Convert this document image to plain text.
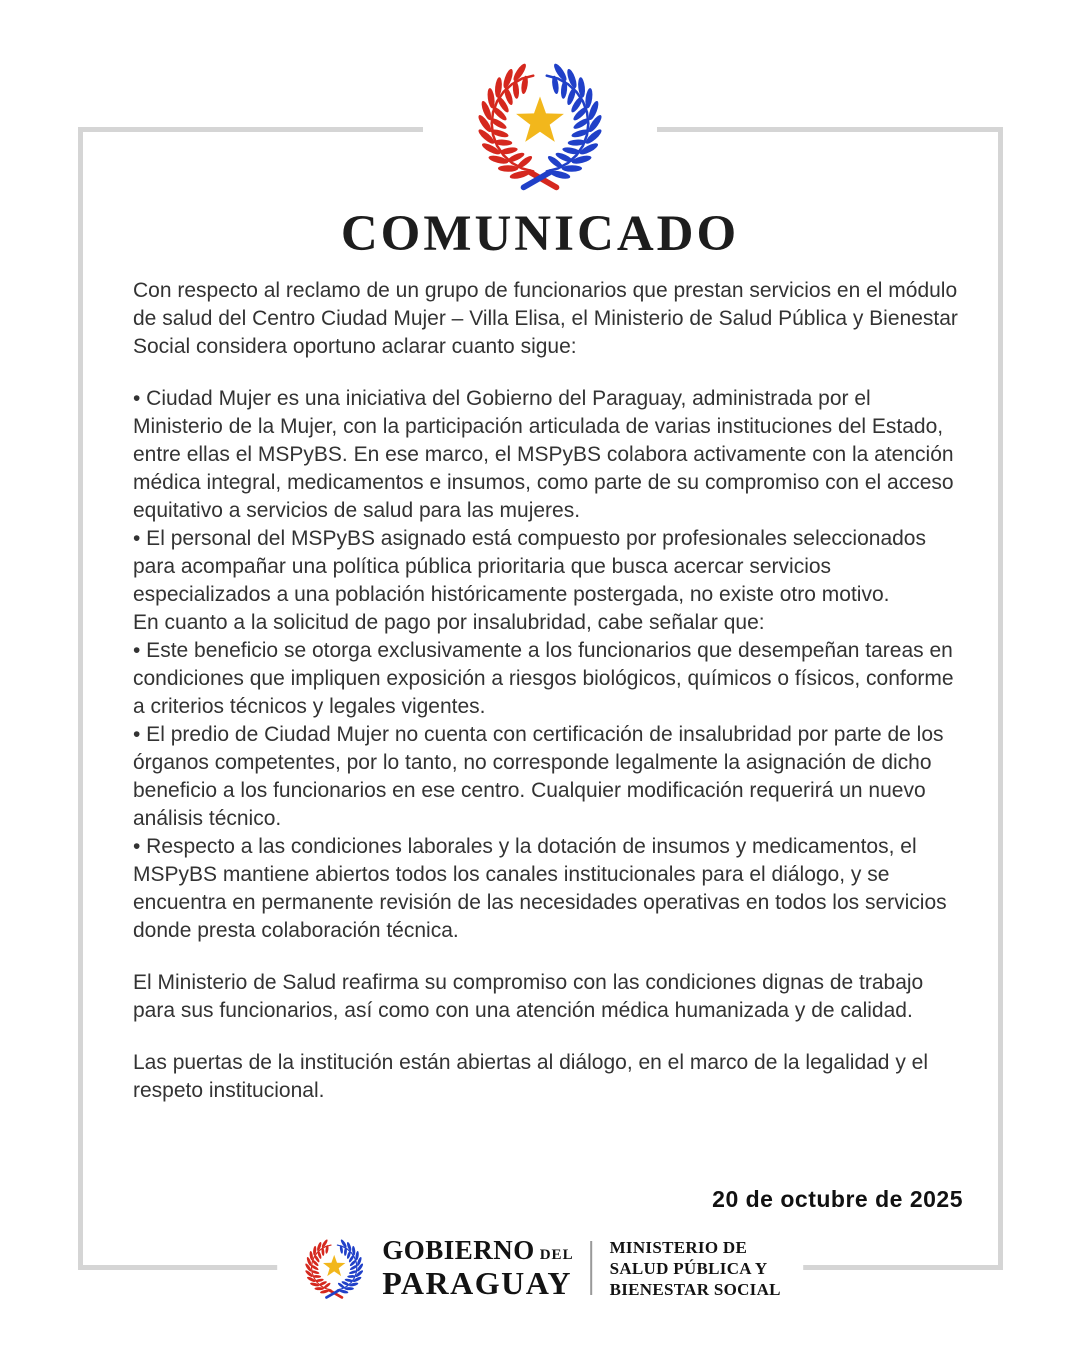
COMUNICADO

Con respecto al reclamo de un grupo de funcionarios que prestan servicios en el módulo de salud del Centro Ciudad Mujer – Villa Elisa, el Ministerio de Salud Pública y Bienestar Social considera oportuno aclarar cuanto sigue:

• Ciudad Mujer es una iniciativa del Gobierno del Paraguay, administrada por el Ministerio de la Mujer, con la participación articulada de varias instituciones del Estado, entre ellas el MSPyBS. En ese marco, el MSPyBS colabora activamente con la atención médica integral, medicamentos e insumos, como parte de su compromiso con el acceso equitativo a servicios de salud para las mujeres.

• El personal del MSPyBS asignado está compuesto por profesionales seleccionados para acompañar una política pública prioritaria que busca acercar servicios especializados a una población históricamente postergada, no existe otro motivo.

En cuanto a la solicitud de pago por insalubridad, cabe señalar que:

• Este beneficio se otorga exclusivamente a los funcionarios que desempeñan tareas en condiciones que impliquen exposición a riesgos biológicos, químicos o físicos, conforme a criterios técnicos y legales vigentes.

• El predio de Ciudad Mujer no cuenta con certificación de insalubridad por parte de los órganos competentes, por lo tanto, no corresponde legalmente la asignación de dicho beneficio a los funcionarios en ese centro. Cualquier modificación requerirá un nuevo análisis técnico.

• Respecto a las condiciones laborales y la dotación de insumos y medicamentos, el MSPyBS mantiene abiertos todos los canales institucionales para el diálogo, y se encuentra en permanente revisión de las necesidades operativas en todos los servicios donde presta colaboración técnica.

El Ministerio de Salud reafirma su compromiso con las condiciones dignas de trabajo para sus funcionarios, así como con una atención médica humanizada y de calidad.

Las puertas de la institución están abiertas al diálogo, en el marco de la legalidad y el respeto institucional.

20 de octubre de 2025
GOBIERNO DEL
PARAGUAY
MINISTERIO DE
SALUD PÚBLICA Y
BIENESTAR SOCIAL
